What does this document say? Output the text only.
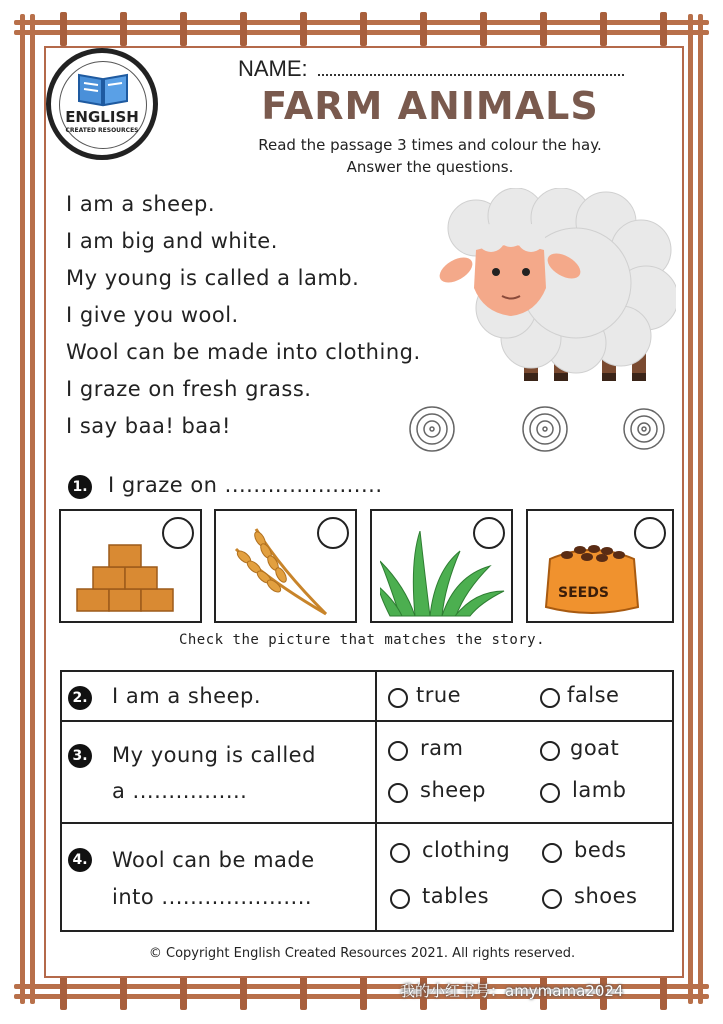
ENGLISH
CREATED RESOURCES
NAME:
FARM ANIMALS
Read the passage 3 times and colour the hay.
Answer the questions.
I am a sheep.
I am big and white.
My young is called a lamb.
I give you wool.
Wool can be made into clothing.
I graze on fresh grass.
I say baa! baa!
1. I graze on ......................
SEEDS
Check the picture that matches the story.
2. I am a sheep.	true	false
3. My young is called
a ................
ram	goat
sheep	lamb
4. Wool can be made
into .....................
clothing	beds
tables	shoes
© Copyright English Created Resources 2021. All rights reserved.
我的小红书号：amymama2024
